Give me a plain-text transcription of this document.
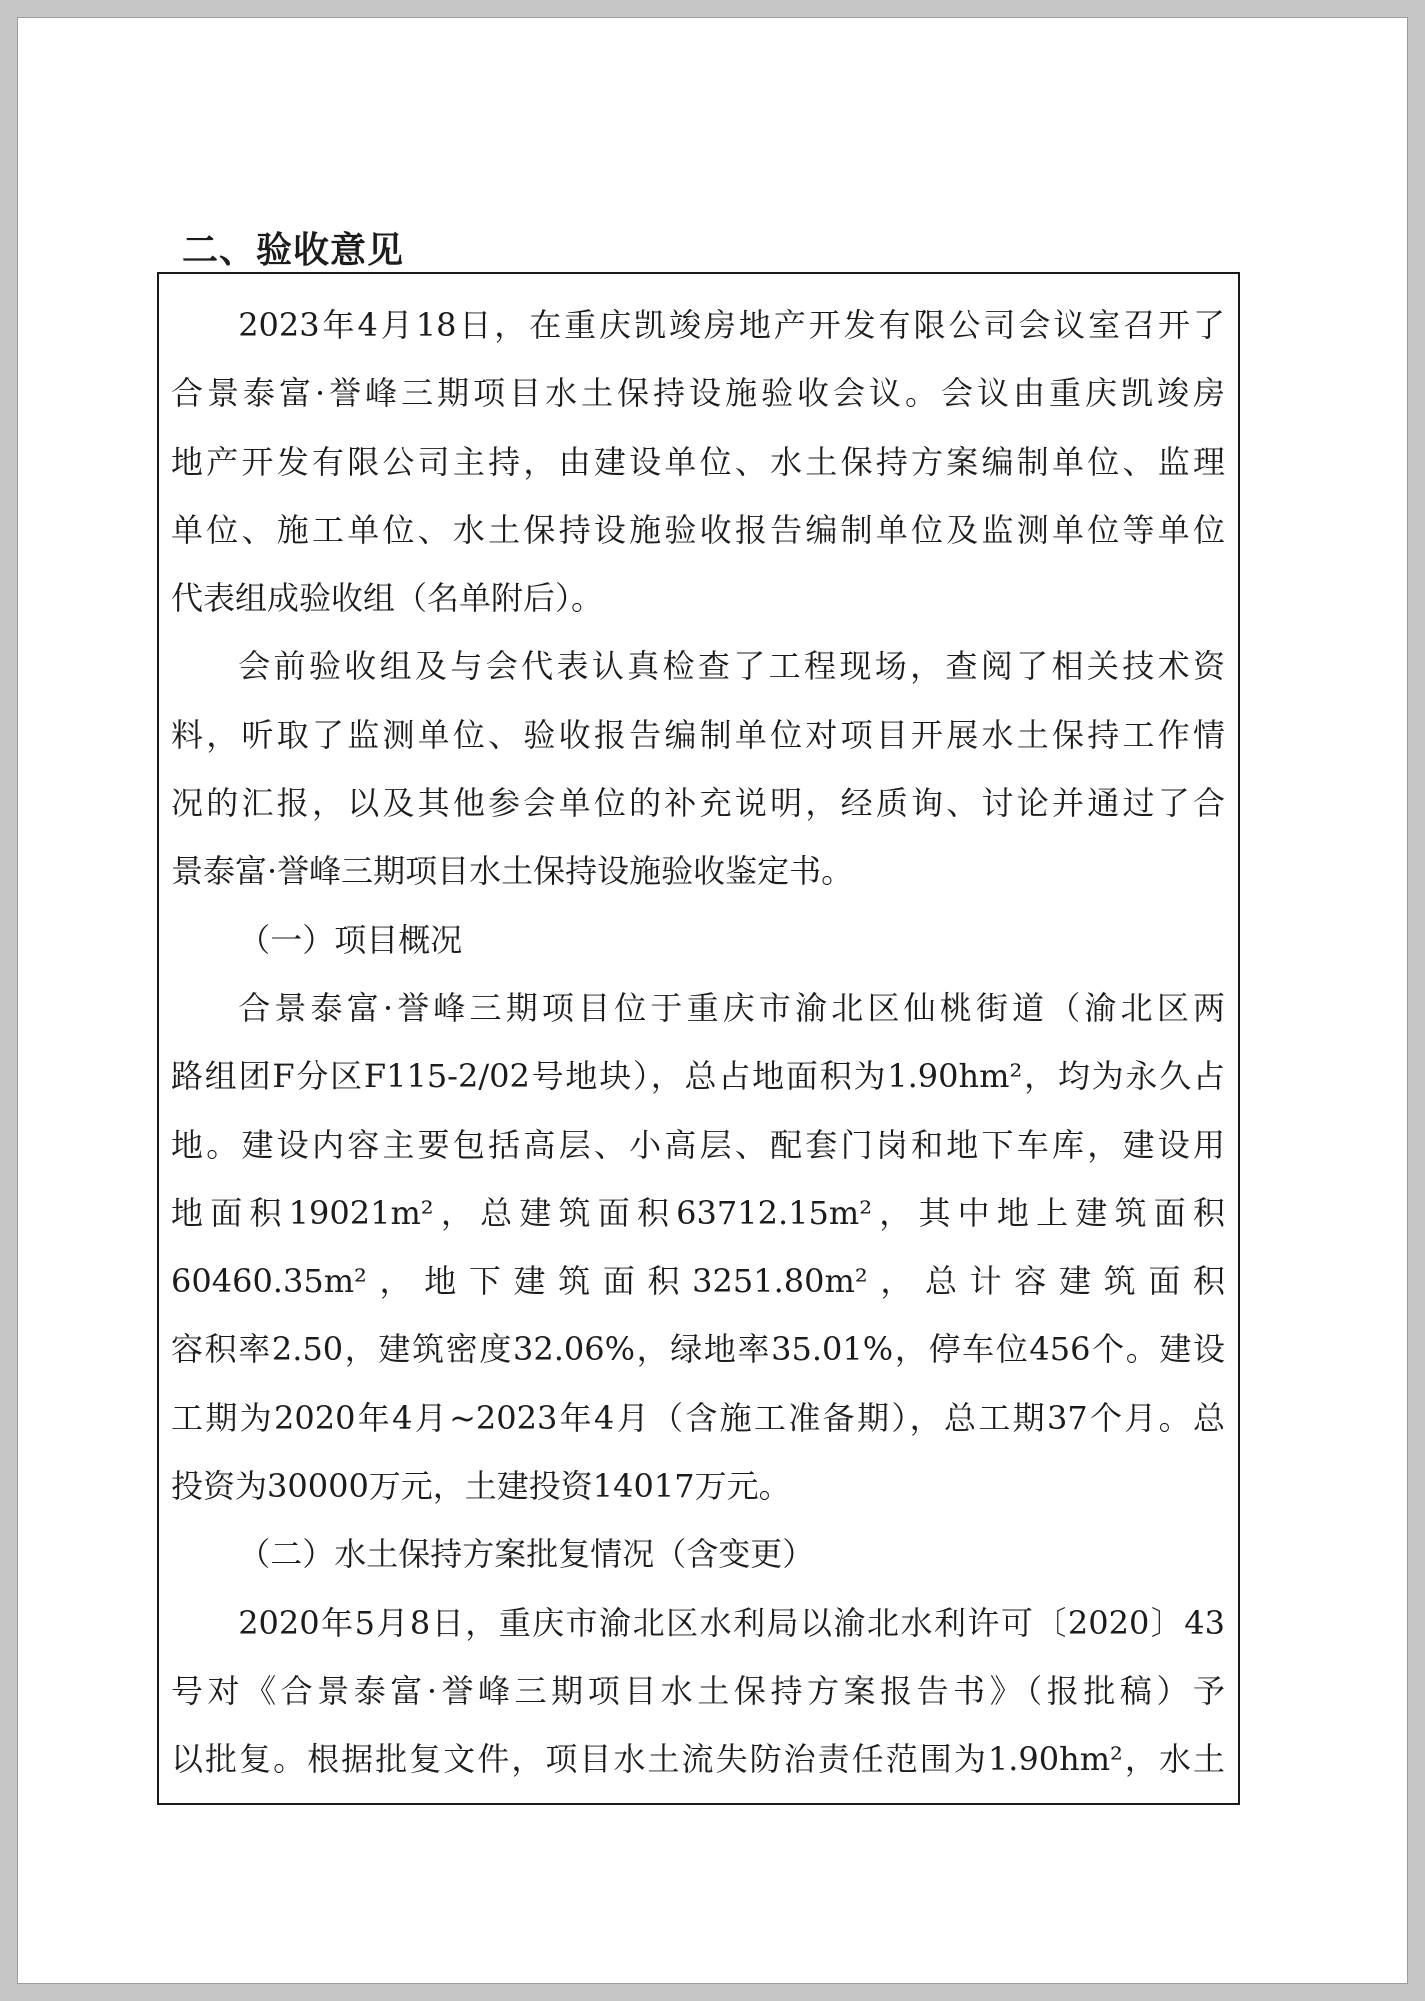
二、验收意见
2023年4月18日，在重庆凯竣房地产开发有限公司会议室召开了
合景泰富·誉峰三期项目水土保持设施验收会议。会议由重庆凯竣房
地产开发有限公司主持，由建设单位、水土保持方案编制单位、监理
单位、施工单位、水土保持设施验收报告编制单位及监测单位等单位
代表组成验收组（名单附后）。
会前验收组及与会代表认真检查了工程现场，查阅了相关技术资
料，听取了监测单位、验收报告编制单位对项目开展水土保持工作情
况的汇报，以及其他参会单位的补充说明，经质询、讨论并通过了合
景泰富·誉峰三期项目水土保持设施验收鉴定书。
（一）项目概况
合景泰富·誉峰三期项目位于重庆市渝北区仙桃街道（渝北区两
路组团F分区F115-2/02号地块），总占地面积为1.90hm²，均为永久占
地。建设内容主要包括高层、小高层、配套门岗和地下车库，建设用
地面积19021m²，总建筑面积63712.15m²，其中地上建筑面积
60460.35m²，地下建筑面积3251.80m²，总计容建筑面积
容积率2.50，建筑密度32.06%，绿地率35.01%，停车位456个。建设
工期为2020年4月~2023年4月（含施工准备期），总工期37个月。总
投资为30000万元，土建投资14017万元。
（二）水土保持方案批复情况（含变更）
2020年5月8日，重庆市渝北区水利局以渝北水利许可〔2020〕43
号对《合景泰富·誉峰三期项目水土保持方案报告书》（报批稿）予
以批复。根据批复文件，项目水土流失防治责任范围为1.90hm²，水土
